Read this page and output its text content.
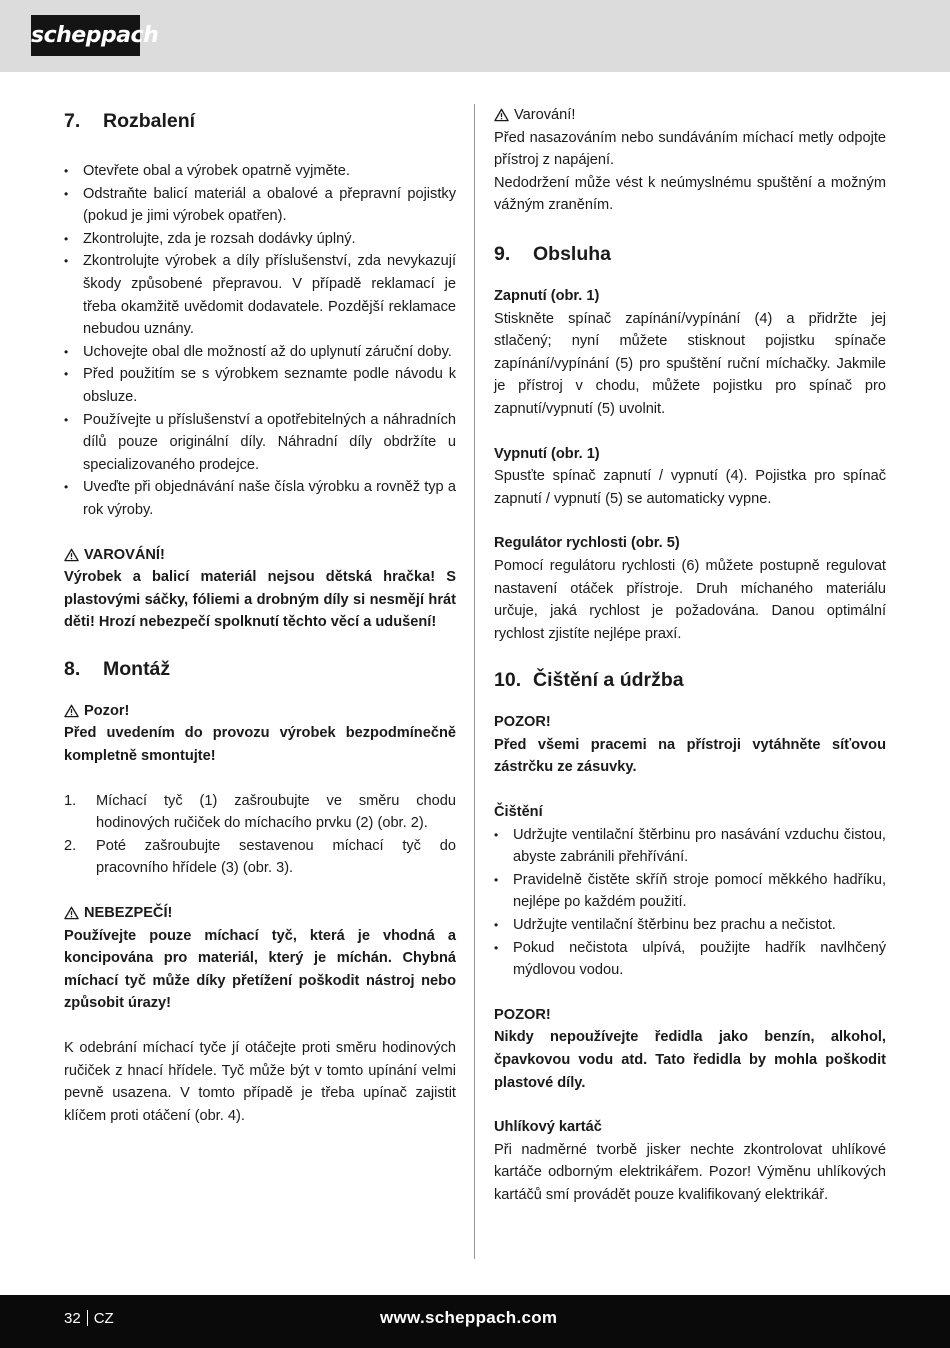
scheppach
7.	Rozbalení
• Otevřete obal a výrobek opatrně vyjměte.
• Odstraňte balicí materiál a obalové a přepravní pojistky (pokud je jimi výrobek opatřen).
• Zkontrolujte, zda je rozsah dodávky úplný.
• Zkontrolujte výrobek a díly příslušenství, zda nevykazují škody způsobené přepravou. V případě reklamací je třeba okamžitě uvědomit dodavatele. Pozdější reklamace nebudou uznány.
• Uchovejte obal dle možností až do uplynutí záruční doby.
• Před použitím se s výrobkem seznamte podle návodu k obsluze.
• Používejte u příslušenství a opotřebitelných a náhradních dílů pouze originální díly. Náhradní díly obdržíte u specializovaného prodejce.
• Uveďte při objednávání naše čísla výrobku a rovněž typ a rok výroby.
VAROVÁNÍ!
Výrobek a balicí materiál nejsou dětská hračka! S plastovými sáčky, fóliemi a drobným díly si nesmějí hrát děti! Hrozí nebezpečí spolknutí těchto věcí a udušení!
8.	Montáž
Pozor!
Před uvedením do provozu výrobek bezpodmínečně kompletně smontujte!
1.	Míchací tyč (1) zašroubujte ve směru chodu hodinových ručiček do míchacího prvku (2) (obr. 2).
2.	Poté zašroubujte sestavenou míchací tyč do pracovního hřídele (3) (obr. 3).
NEBEZPEČÍ!
Používejte pouze míchací tyč, která je vhodná a koncipována pro materiál, který je míchán. Chybná míchací tyč může díky přetížení poškodit nástroj nebo způsobit úrazy!
K odebrání míchací tyče jí otáčejte proti směru hodinových ručiček z hnací hřídele. Tyč může být v tomto upínání velmi pevně usazena. V tomto případě je třeba upínač zajistit klíčem proti otáčení (obr. 4).
Varování!
Před nasazováním nebo sundáváním míchací metly odpojte přístroj z napájení.
Nedodržení může vést k neúmyslnému spuštění a možným vážným zraněním.
9.	Obsluha
Zapnutí (obr. 1)
Stiskněte spínač zapínání/vypínání (4) a přidržte jej stlačený; nyní můžete stisknout pojistku spínače zapínání/vypínání (5) pro spuštění ruční míchačky. Jakmile je přístroj v chodu, můžete pojistku pro spínač pro zapnutí/vypnutí (5) uvolnit.
Vypnutí (obr. 1)
Spusťte spínač zapnutí / vypnutí (4). Pojistka pro spínač zapnutí / vypnutí (5) se automaticky vypne.
Regulátor rychlosti (obr. 5)
Pomocí regulátoru rychlosti (6) můžete postupně regulovat nastavení otáček přístroje. Druh míchaného materiálu určuje, jaká rychlost je požadována. Danou optimální rychlost zjistíte nejlépe praxí.
10. Čištění a údržba
POZOR!
Před všemi pracemi na přístroji vytáhněte síťovou zástrčku ze zásuvky.
Čištění
• Udržujte ventilační štěrbinu pro nasávání vzduchu čistou, abyste zabránili přehřívání.
• Pravidelně čistěte skříň stroje pomocí měkkého hadříku, nejlépe po každém použití.
• Udržujte ventilační štěrbinu bez prachu a nečistot.
• Pokud nečistota ulpívá, použijte hadřík navlhčený mýdlovou vodou.
POZOR!
Nikdy nepoužívejte ředidla jako benzín, alkohol, čpavkovou vodu atd. Tato ředidla by mohla poškodit plastové díly.
Uhlíkový kartáč
Při nadměrné tvorbě jisker nechte zkontrolovat uhlíkové kartáče odborným elektrikářem. Pozor! Výměnu uhlíkových kartáčů smí provádět pouze kvalifikovaný elektrikář.
32 CZ	www.scheppach.com
